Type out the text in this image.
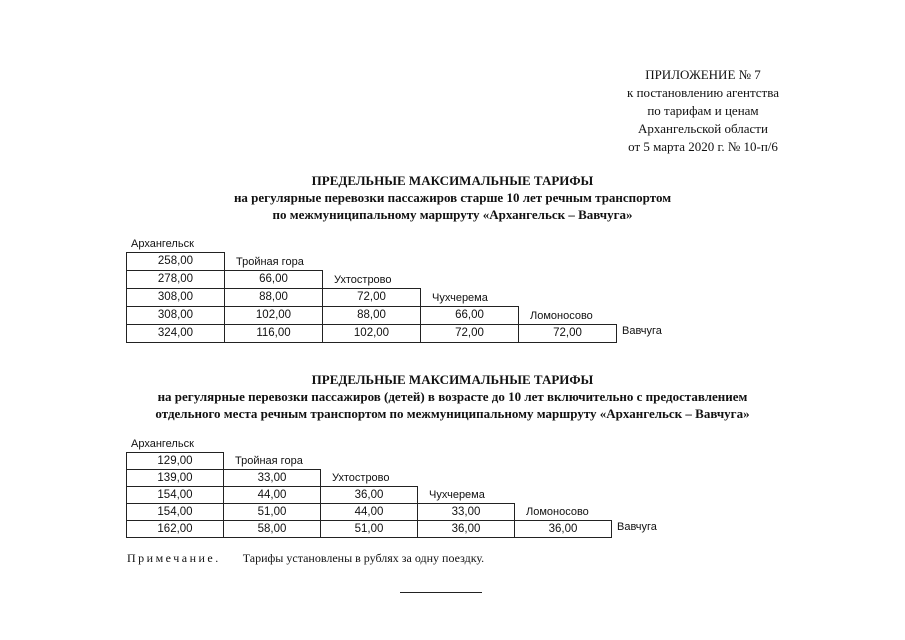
ПРИЛОЖЕНИЕ № 7
к постановлению агентства
по тарифам и ценам
Архангельской области
от 5 марта 2020 г. № 10-п/6
ПРЕДЕЛЬНЫЕ МАКСИМАЛЬНЫЕ ТАРИФЫ
на регулярные перевозки пассажиров старше 10 лет речным транспортом
по межмуниципальному маршруту «Архангельск – Вавчуга»
Архангельск
258,00	Тройная гора
278,00	66,00	Ухтострово
308,00	88,00	72,00	Чухчерема
308,00	102,00	88,00	66,00	Ломоносово
324,00	116,00	102,00	72,00	72,00	Вавчуга
ПРЕДЕЛЬНЫЕ МАКСИМАЛЬНЫЕ ТАРИФЫ
на регулярные перевозки пассажиров (детей) в возрасте до 10 лет включительно с предоставлением
отдельного места речным транспортом по межмуниципальному маршруту «Архангельск – Вавчуга»
Архангельск
129,00	Тройная гора
139,00	33,00	Ухтострово
154,00	44,00	36,00	Чухчерема
154,00	51,00	44,00	33,00	Ломоносово
162,00	58,00	51,00	36,00	36,00	Вавчуга
Примечание. Тарифы установлены в рублях за одну поездку.
